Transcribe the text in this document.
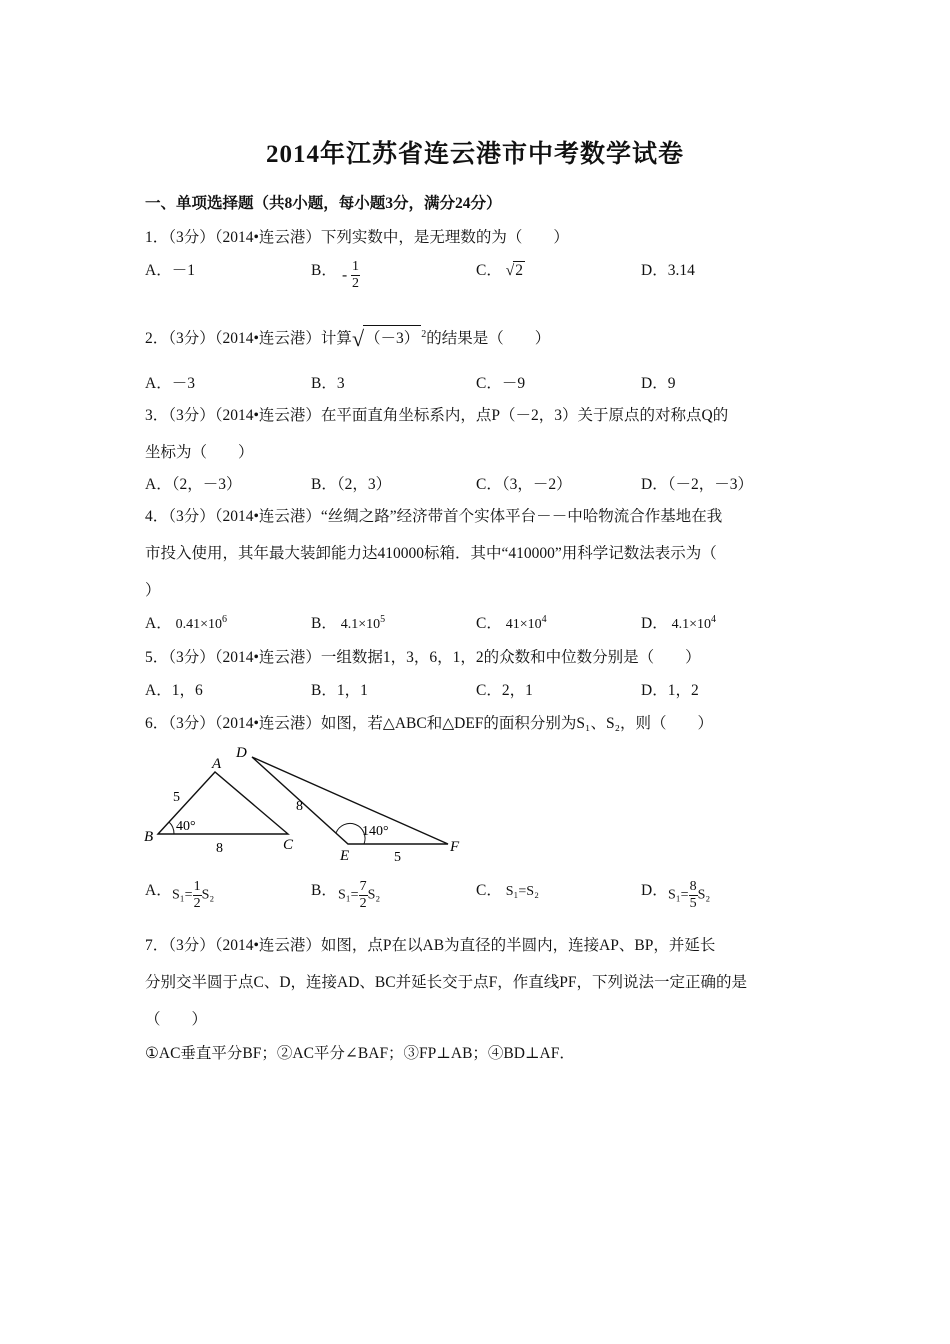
2014年江苏省连云港市中考数学试卷
一、单项选择题（共8小题，每小题3分，满分24分）
1．（3分）（2014•连云港）下列实数中，是无理数的为（　　）
A．－1	B． - $\frac{1}{2}$	C． √2	D．3.14
2．（3分）（2014•连云港）计算√（－3） $^2$的结果是（　　）
A．－3	B．3	C．－9	D．9
3．（3分）（2014•连云港）在平面直角坐标系内，点P（－2，3）关于原点的对称点Q的
坐标为（　　）
A．（2，－3）	B．（2，3）	C．（3，－2）	D．（－2，－3）
4．（3分）（2014•连云港）“丝绸之路”经济带首个实体平台－－中哈物流合作基地在我
市投入使用，其年最大装卸能力达410000标箱．其中“410000”用科学记数法表示为（
）
A． $0.41\times 10^6$	B． $4.1\times 10^5$	C． $41\times 10^4$	D． $4.1\times 10^4$
5．（3分）（2014•连云港）一组数据1，3，6，1，2的众数和中位数分别是（　　）
A．1，6	B．1，1	C．2，1	D．1，2
6．（3分）（2014•连云港）如图，若△ABC和△DEF的面积分别为S₁、S₂，则（　　）
A
B	C
5
40°
8
D
E
F
8
140°
5
A． $S_1= \frac{1}{2} S_2$	B． $S_1= \frac{7}{2} S_2$	C． S₁=S₂	D． $S_1= \frac{8}{5} S_2$
7．（3分）（2014•连云港）如图，点P在以AB为直径的半圆内，连接AP、BP，并延长
分别交半圆于点C、D，连接AD、BC并延长交于点F，作直线PF，下列说法一定正确的是
（　　）
①AC垂直平分BF；②AC平分∠BAF；③FP⊥AB；④BD⊥AF．
